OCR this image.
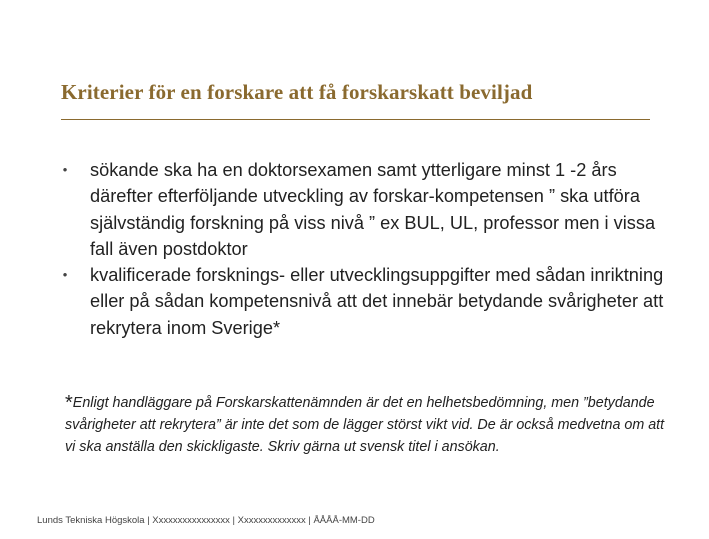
Kriterier för en forskare att få forskarskatt beviljad
• sökande ska ha en doktorsexamen samt ytterligare minst 1 -2 års därefter efterföljande utveckling av forskar-kompetensen ” ska utföra självständig forskning på viss nivå ” ex BUL, UL, professor men i vissa fall även postdoktor
• kvalificerade forsknings- eller utvecklingsuppgifter med sådan inriktning eller på sådan kompetensnivå att det innebär betydande svårigheter att rekrytera inom Sverige*
*Enligt handläggare på Forskarskattenämnden är det en helhetsbedömning, men ”betydande svårigheter att rekrytera” är inte det som de lägger störst vikt vid. De är också medvetna om att vi ska anställa den skickligaste. Skriv gärna ut svensk titel i ansökan.
Lunds Tekniska Högskola | Xxxxxxxxxxxxxxxx | Xxxxxxxxxxxxxx | ÅÅÅÅ-MM-DD
